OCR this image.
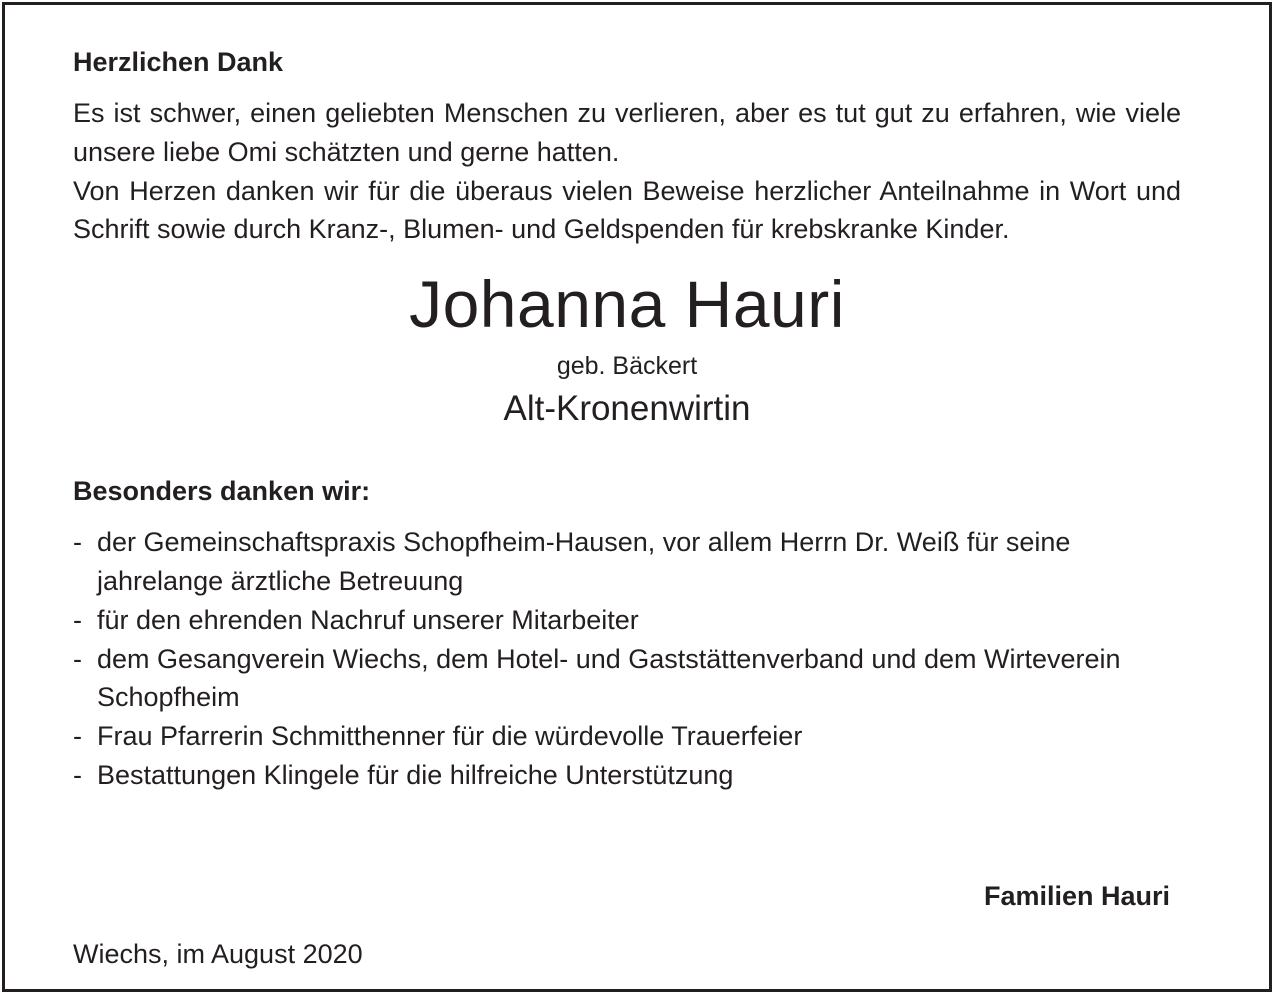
Herzlichen Dank

Es ist schwer, einen geliebten Menschen zu verlieren, aber es tut gut zu erfahren, wie viele unsere liebe Omi schätzten und gerne hatten.

Von Herzen danken wir für die überaus vielen Beweise herzlicher Anteilnahme in Wort und Schrift sowie durch Kranz-, Blumen- und Geldspenden für krebskranke Kinder.

Johanna Hauri
geb. Bäckert
Alt-Kronenwirtin
Besonders danken wir:
- der Gemeinschaftspraxis Schopfheim-Hausen, vor allem Herrn Dr. Weiß für seine jahrelange ärztliche Betreuung
- für den ehrenden Nachruf unserer Mitarbeiter
- dem Gesangverein Wiechs, dem Hotel- und Gaststättenverband und dem Wirteverein Schopfheim
- Frau Pfarrerin Schmitthenner für die würdevolle Trauerfeier
- Bestattungen Klingele für die hilfreiche Unterstützung
Familien Hauri
Wiechs, im August 2020
